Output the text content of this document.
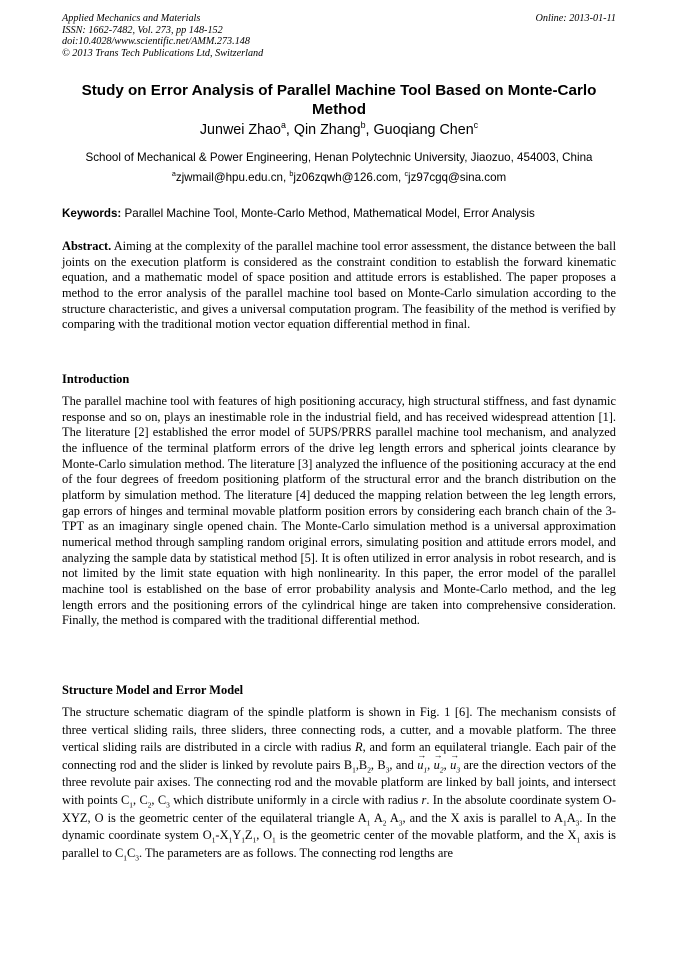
Applied Mechanics and Materials
ISSN: 1662-7482, Vol. 273, pp 148-152
doi:10.4028/www.scientific.net/AMM.273.148
© 2013 Trans Tech Publications Ltd, Switzerland
Online: 2013-01-11
Study on Error Analysis of Parallel Machine Tool Based on Monte-Carlo Method
Junwei Zhao$^a$, Qin Zhang$^b$, Guoqiang Chen$^c$
School of Mechanical & Power Engineering, Henan Polytechnic University, Jiaozuo, 454003, China
$^a$zjwmail@hpu.edu.cn, $^b$jz06zqwh@126.com, $^c$jz97cgq@sina.com
Keywords: Parallel Machine Tool, Monte-Carlo Method, Mathematical Model, Error Analysis
Abstract. Aiming at the complexity of the parallel machine tool error assessment, the distance between the ball joints on the execution platform is considered as the constraint condition to establish the forward kinematic equation, and a mathematic model of space position and attitude errors is established. The paper proposes a method to the error analysis of the parallel machine tool based on Monte-Carlo simulation according to the structure characteristic, and gives a universal computation program. The feasibility of the method is verified by comparing with the traditional motion vector equation differential method in final.
Introduction
The parallel machine tool with features of high positioning accuracy, high structural stiffness, and fast dynamic response and so on, plays an inestimable role in the industrial field, and has received widespread attention [1]. The literature [2] established the error model of 5UPS/PRRS parallel machine tool mechanism, and analyzed the influence of the terminal platform errors of the drive leg length errors and spherical joints clearance by Monte-Carlo simulation method. The literature [3] analyzed the influence of the positioning accuracy at the end of the four degrees of freedom positioning platform of the structural error and the branch distribution on the platform by simulation method. The literature [4] deduced the mapping relation between the leg length errors, gap errors of hinges and terminal movable platform position errors by considering each branch chain of the 3-TPT as an imaginary single opened chain. The Monte-Carlo simulation method is a universal approximation numerical method through sampling random original errors, simulating position and attitude errors model, and analyzing the sample data by statistical method [5]. It is often utilized in error analysis in robot research, and is not limited by the limit state equation with high nonlinearity. In this paper, the error model of the parallel machine tool is established on the base of error probability analysis and Monte-Carlo method, and the leg length errors and the positioning errors of the cylindrical hinge are taken into comprehensive consideration. Finally, the method is compared with the traditional differential method.
Structure Model and Error Model
The structure schematic diagram of the spindle platform is shown in Fig. 1 [6]. The mechanism consists of three vertical sliding rails, three sliders, three connecting rods, a cutter, and a movable platform. The three vertical sliding rails are distributed in a circle with radius R, and form an equilateral triangle. Each pair of the connecting rod and the slider is linked by revolute pairs $B_1,B_2$, $B_3$, and → $u_1$, → $u_2$, → $u_3$ are the direction vectors of the three revolute pair axises. The connecting rod and the movable platform are linked by ball joints, and intersect with points $C_1$, $C_2$, $C_3$ which distribute uniformly in a circle with radius r. In the absolute coordinate system O-XYZ, O is the geometric center of the equilateral triangle $A_1$ $A_2$ $A_3$, and the X axis is parallel to $A_1A_3$. In the dynamic coordinate system $O_1-X_1Y_1Z_1$, $O_1$ is the geometric center of the movable platform, and the $X_1$ axis is parallel to $C_1C_3$. The parameters are as follows. The connecting rod lengths are
